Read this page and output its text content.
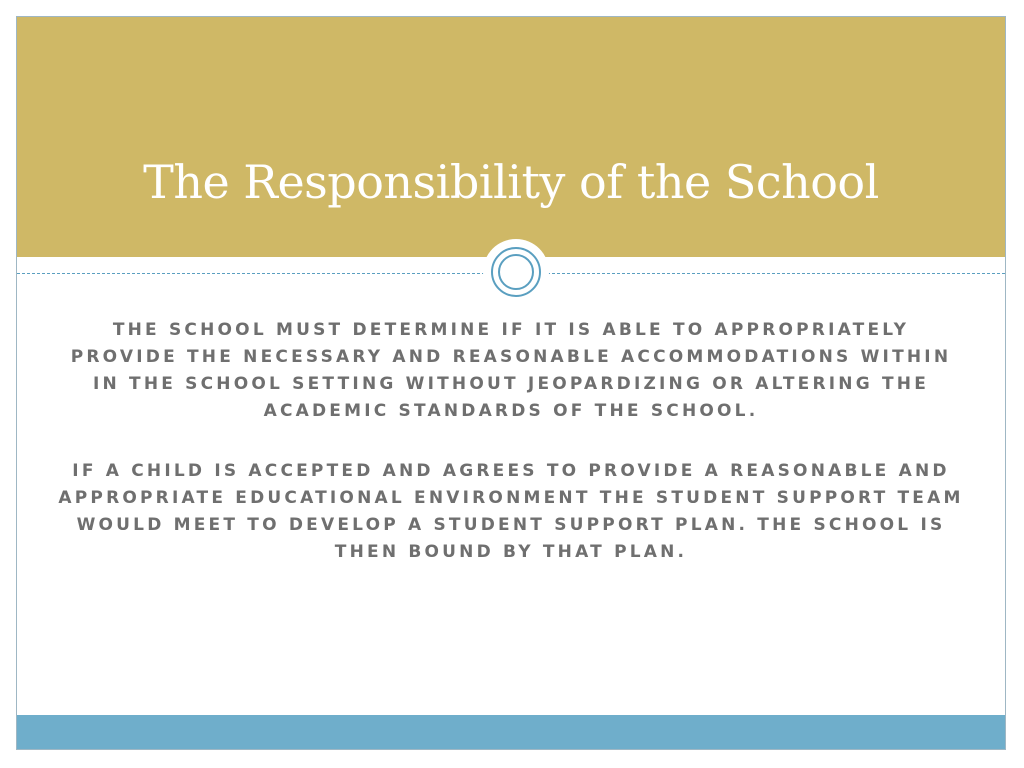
The Responsibility of the School

THE SCHOOL MUST DETERMINE IF IT IS ABLE TO APPROPRIATELY PROVIDE THE NECESSARY AND REASONABLE ACCOMMODATIONS WITHIN IN THE SCHOOL SETTING WITHOUT JEOPARDIZING OR ALTERING THE ACADEMIC STANDARDS OF THE SCHOOL.

IF A CHILD IS ACCEPTED AND AGREES TO PROVIDE A REASONABLE AND APPROPRIATE EDUCATIONAL ENVIRONMENT THE STUDENT SUPPORT TEAM WOULD MEET TO DEVELOP A STUDENT SUPPORT PLAN. THE SCHOOL IS THEN BOUND BY THAT PLAN.
